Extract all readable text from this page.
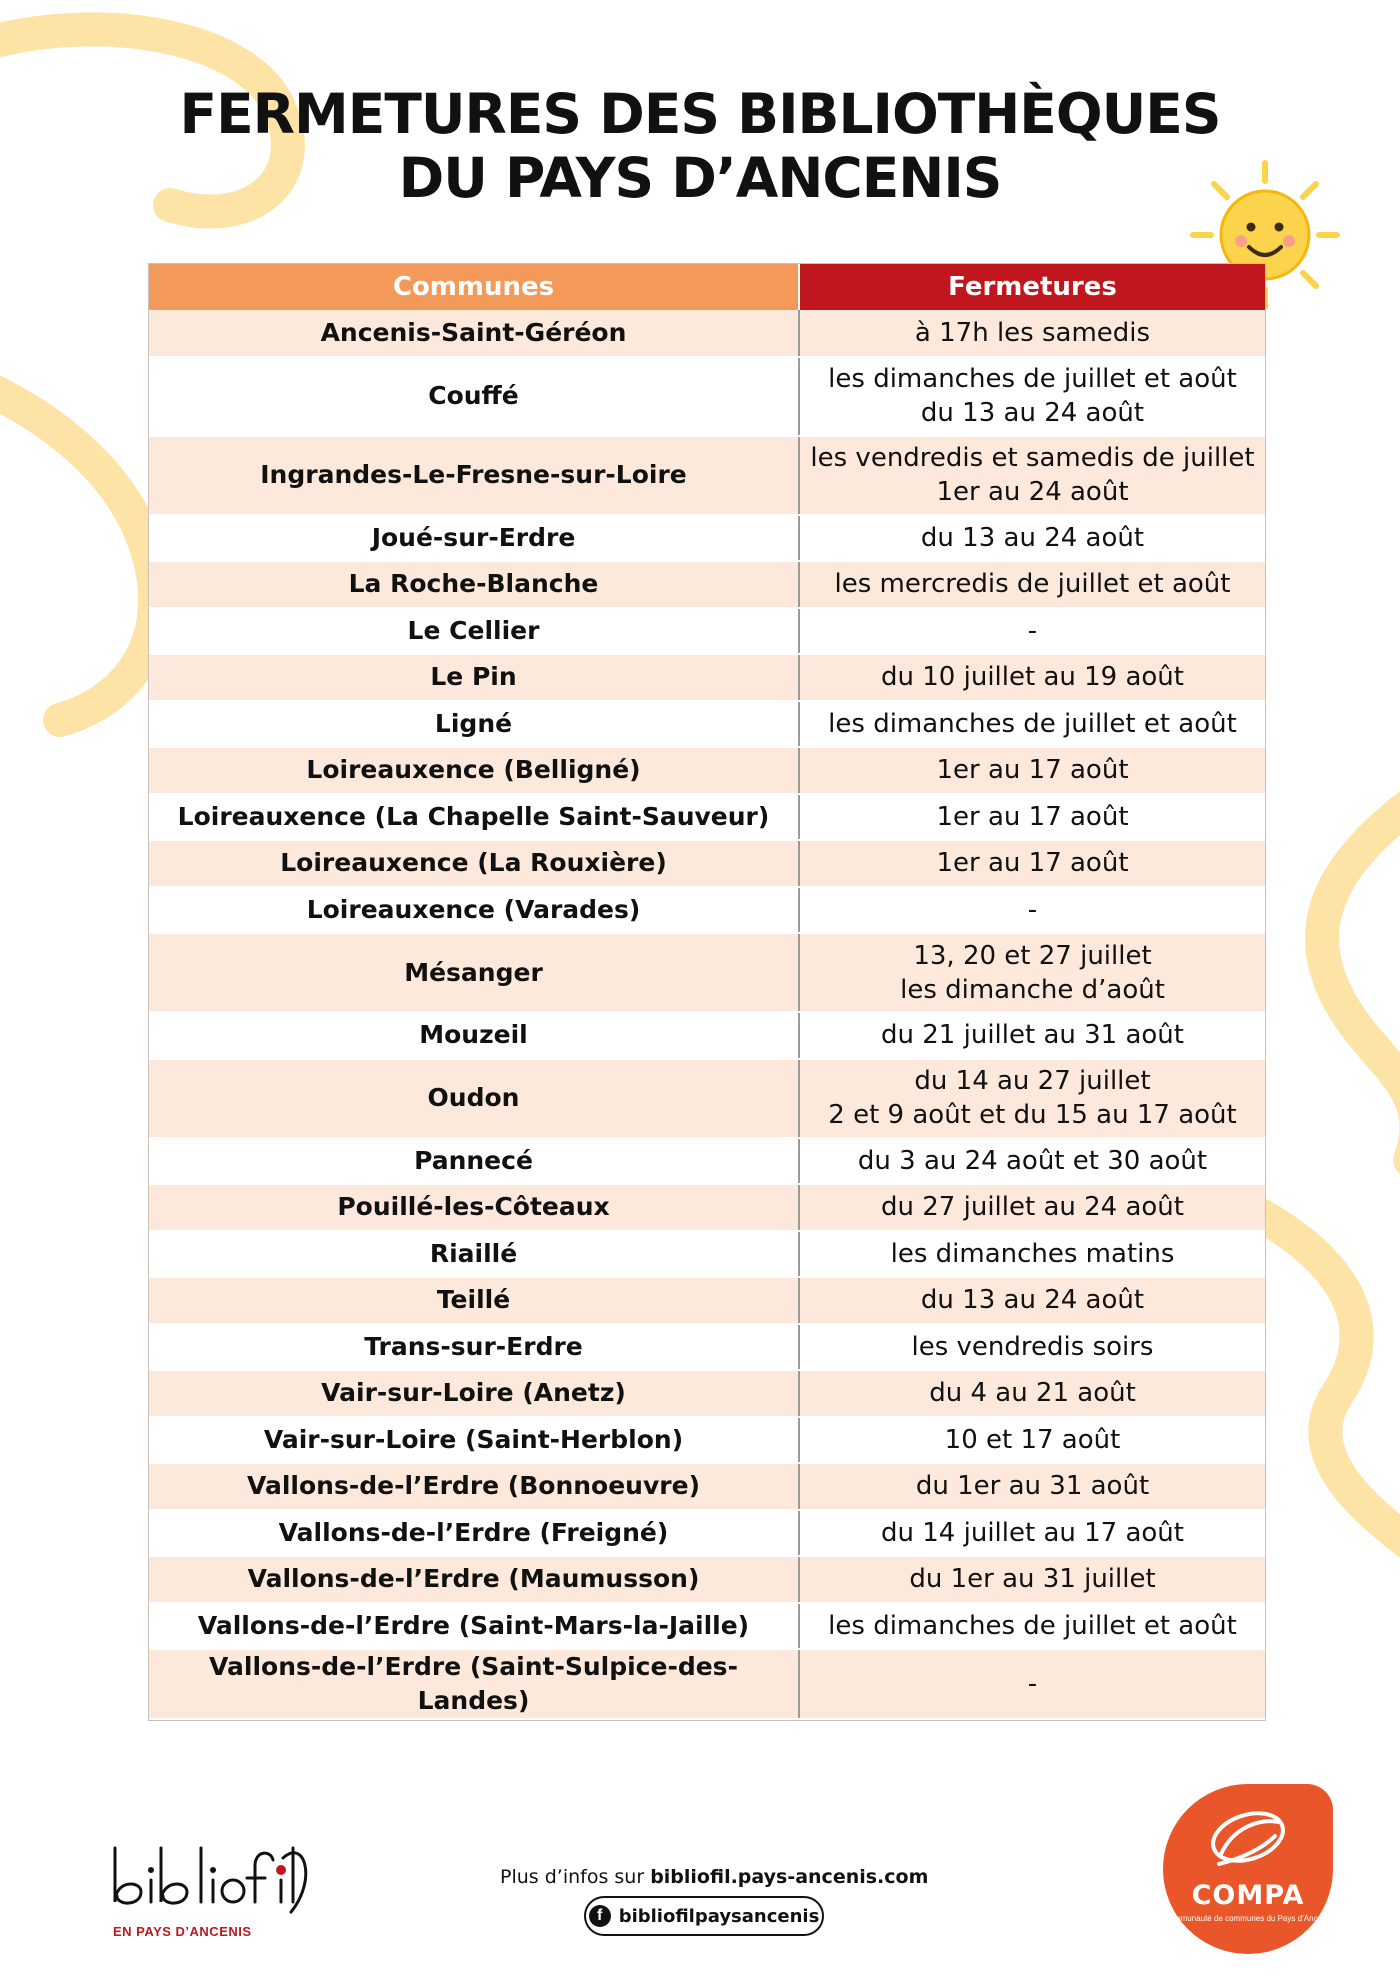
FERMETURES DES BIBLIOTHÈQUES
DU PAYS D’ANCENIS
Communes	Fermetures
Ancenis-Saint-Géréon	à 17h les samedis

Couffé	les dimanches de juillet et août
du 13 au 24 août

Ingrandes-Le-Fresne-sur-Loire	les vendredis et samedis de juillet
1er au 24 août

Joué-sur-Erdre	du 13 au 24 août

La Roche-Blanche	les mercredis de juillet et août

Le Cellier	-

Le Pin	du 10 juillet au 19 août

Ligné	les dimanches de juillet et août

Loireauxence (Belligné)	1er au 17 août

Loireauxence (La Chapelle Saint-Sauveur)	1er au 17 août

Loireauxence (La Rouxière)	1er au 17 août

Loireauxence (Varades)	-

Mésanger	13, 20 et 27 juillet
les dimanche d’août

Mouzeil	du 21 juillet au 31 août

Oudon	du 14 au 27 juillet
2 et 9 août et du 15 au 17 août

Pannecé	du 3 au 24 août et 30 août

Pouillé-les-Côteaux	du 27 juillet au 24 août

Riaillé	les dimanches matins

Teillé	du 13 au 24 août

Trans-sur-Erdre	les vendredis soirs

Vair-sur-Loire (Anetz)	du 4 au 21 août

Vair-sur-Loire (Saint-Herblon)	10 et 17 août

Vallons-de-l’Erdre (Bonnoeuvre)	du 1er au 31 août

Vallons-de-l’Erdre (Freigné)	du 14 juillet au 17 août

Vallons-de-l’Erdre (Maumusson)	du 1er au 31 juillet

Vallons-de-l’Erdre (Saint-Mars-la-Jaille)	les dimanches de juillet et août

Vallons-de-l’Erdre (Saint-Sulpice-des-Landes)	-
EN PAYS D’ANCENIS
Plus d’infos sur bibliofil.pays-ancenis.com
f bibliofilpaysancenis
COMPA
Communauté de communes du Pays d’Ancenis
